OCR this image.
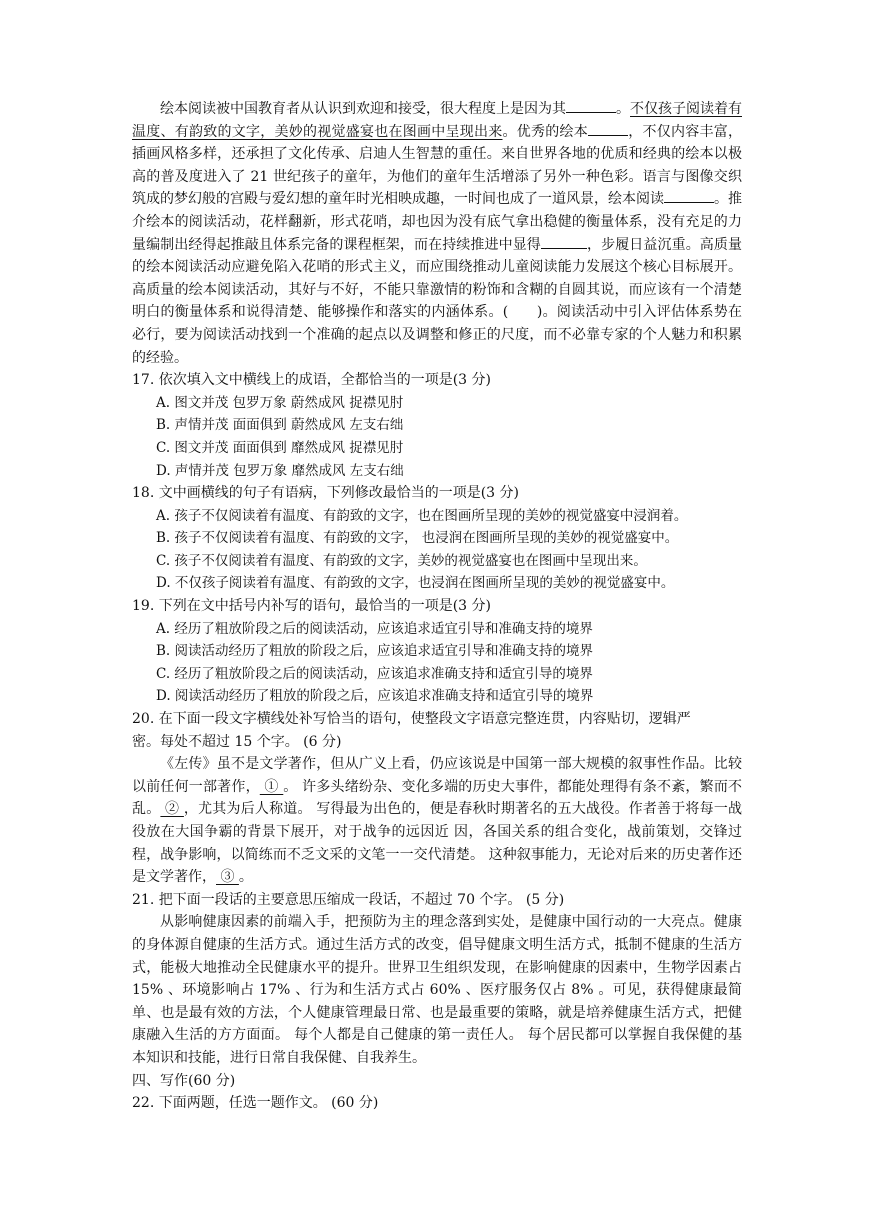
绘本阅读被中国教育者从认识到欢迎和接受，很大程度上是因为其	。不仅孩子阅读着有温度、有韵致的文字，美妙的视觉盛宴也在图画中呈现出来。优秀的绘本	，不仅内容丰富，插画风格多样，还承担了文化传承、启迪人生智慧的重任。来自世界各地的优质和经典的绘本以极高的普及度进入了 21 世纪孩子的童年，为他们的童年生活增添了另外一种色彩。语言与图像交织筑成的梦幻般的宫殿与爱幻想的童年时光相映成趣，一时间也成了一道风景，绘本阅读	。推介绘本的阅读活动，花样翻新，形式花哨，却也因为没有底气拿出稳健的衡量体系，没有充足的力量编制出经得起推敲且体系完备的课程框架，而在持续推进中显得	，步履日益沉重。高质量的绘本阅读活动应避免陷入花哨的形式主义，而应围绕推动儿童阅读能力发展这个核心目标展开。高质量的绘本阅读活动，其好与不好，不能只靠激情的粉饰和含糊的自圆其说，而应该有一个清楚明白的衡量体系和说得清楚、能够操作和落实的内涵体系。(　　)。阅读活动中引入评估体系势在必行，要为阅读活动找到一个准确的起点以及调整和修正的尺度，而不必靠专家的个人魅力和积累的经验。

17. 依次填入文中横线上的成语，全都恰当的一项是(3 分)

A. 图文并茂 包罗万象 蔚然成风 捉襟见肘

B. 声情并茂 面面俱到 蔚然成风 左支右绌

C. 图文并茂 面面俱到 靡然成风 捉襟见肘

D. 声情并茂 包罗万象 靡然成风 左支右绌

18. 文中画横线的句子有语病，下列修改最恰当的一项是(3 分)

A. 孩子不仅阅读着有温度、有韵致的文字，也在图画所呈现的美妙的视觉盛宴中浸润着。

B. 孩子不仅阅读着有温度、有韵致的文字， 也浸润在图画所呈现的美妙的视觉盛宴中。

C. 孩子不仅阅读着有温度、有韵致的文字，美妙的视觉盛宴也在图画中呈现出来。

D. 不仅孩子阅读着有温度、有韵致的文字，也浸润在图画所呈现的美妙的视觉盛宴中。

19. 下列在文中括号内补写的语句，最恰当的一项是(3 分)

A. 经历了粗放阶段之后的阅读活动，应该追求适宜引导和准确支持的境界

B. 阅读活动经历了粗放的阶段之后，应该追求适宜引导和准确支持的境界

C. 经历了粗放阶段之后的阅读活动，应该追求准确支持和适宜引导的境界

D. 阅读活动经历了粗放的阶段之后，应该追求准确支持和适宜引导的境界

20. 在下面一段文字横线处补写恰当的语句，使整段文字语意完整连贯，内容贴切，逻辑严

密。每处不超过 15 个字。 (6 分)

《左传》虽不是文学著作，但从广义上看，仍应该说是中国第一部大规模的叙事性作品。比较以前任何一部著作， ① 。 许多头绪纷杂、变化多端的历史大事件，都能处理得有条不紊，繁而不乱。 ② ，尤其为后人称道。 写得最为出色的，便是春秋时期著名的五大战役。作者善于将每一战役放在大国争霸的背景下展开，对于战争的远因近 因，各国关系的组合变化，战前策划，交锋过程，战争影响，以简练而不乏文采的文笔一一交代清楚。 这种叙事能力，无论对后来的历史著作还是文学著作， ③ 。

21. 把下面一段话的主要意思压缩成一段话，不超过 70 个字。 (5 分)

从影响健康因素的前端入手，把预防为主的理念落到实处，是健康中国行动的一大亮点。健康的身体源自健康的生活方式。通过生活方式的改变，倡导健康文明生活方式，抵制不健康的生活方式，能极大地推动全民健康水平的提升。世界卫生组织发现，在影响健康的因素中，生物学因素占 15% 、环境影响占 17% 、行为和生活方式占 60% 、医疗服务仅占 8% 。可见，获得健康最简单、也是最有效的方法，个人健康管理最日常、也是最重要的策略，就是培养健康生活方式，把健康融入生活的方方面面。 每个人都是自己健康的第一责任人。 每个居民都可以掌握自我保健的基本知识和技能，进行日常自我保健、自我养生。

四、写作(60 分)

22. 下面两题，任选一题作文。 (60 分)
